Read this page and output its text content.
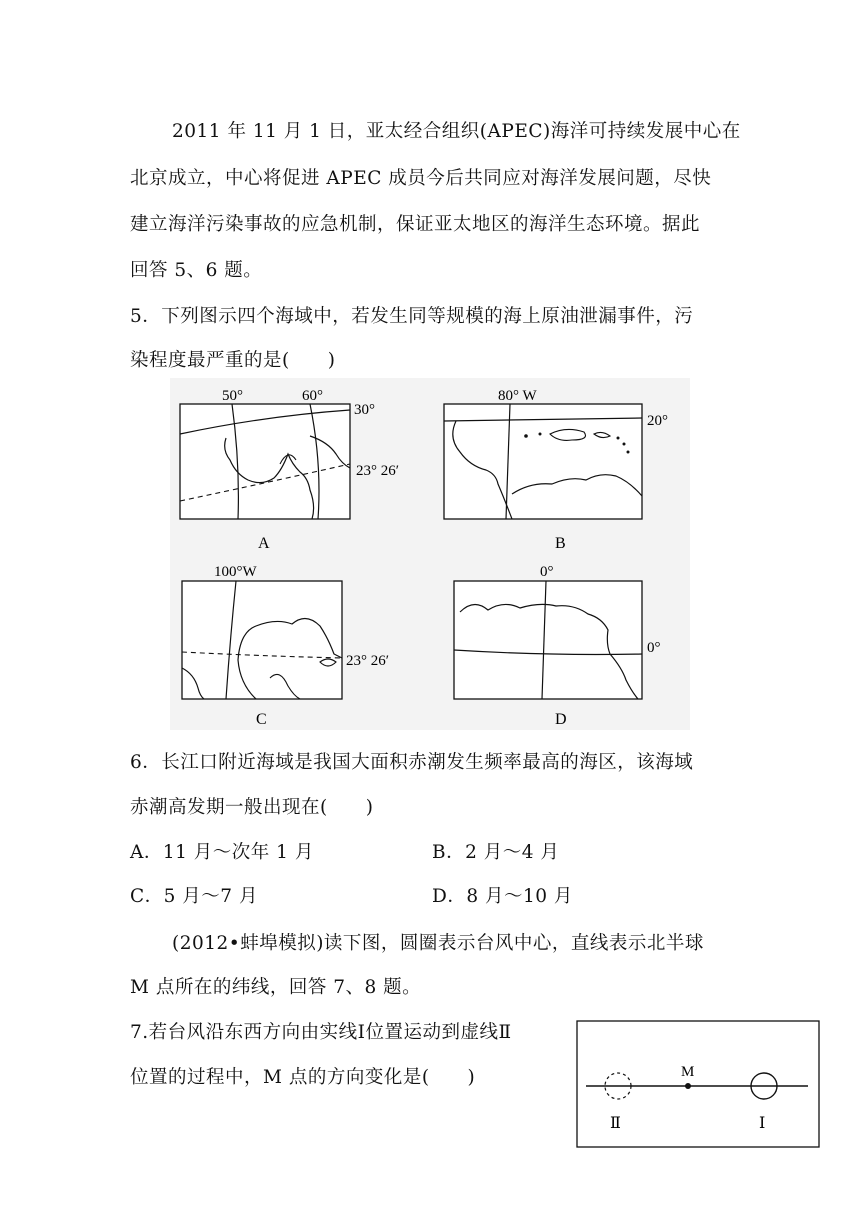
2011 年 11 月 1 日，亚太经合组织(APEC)海洋可持续发展中心在
北京成立，中心将促进 APEC 成员今后共同应对海洋发展问题，尽快
建立海洋污染事故的应急机制，保证亚太地区的海洋生态环境。据此
回答 5、6 题。
5．下列图示四个海域中，若发生同等规模的海上原油泄漏事件，污
染程度最严重的是(　　)
50°	60°
30°
23° 26′
A
80° W
20°
B
100°W
23° 26′
C
0°
0°
D
6．长江口附近海域是我国大面积赤潮发生频率最高的海区，该海域
赤潮高发期一般出现在(　　)
A．11 月～次年 1 月	B．2 月～4 月
C．5 月～7 月	D．8 月～10 月
(2012•蚌埠模拟)读下图，圆圈表示台风中心，直线表示北半球
M 点所在的纬线，回答 7、8 题。
7.若台风沿东西方向由实线Ⅰ位置运动到虚线Ⅱ
位置的过程中，M 点的方向变化是(　　)	M
Ⅱ	Ⅰ
